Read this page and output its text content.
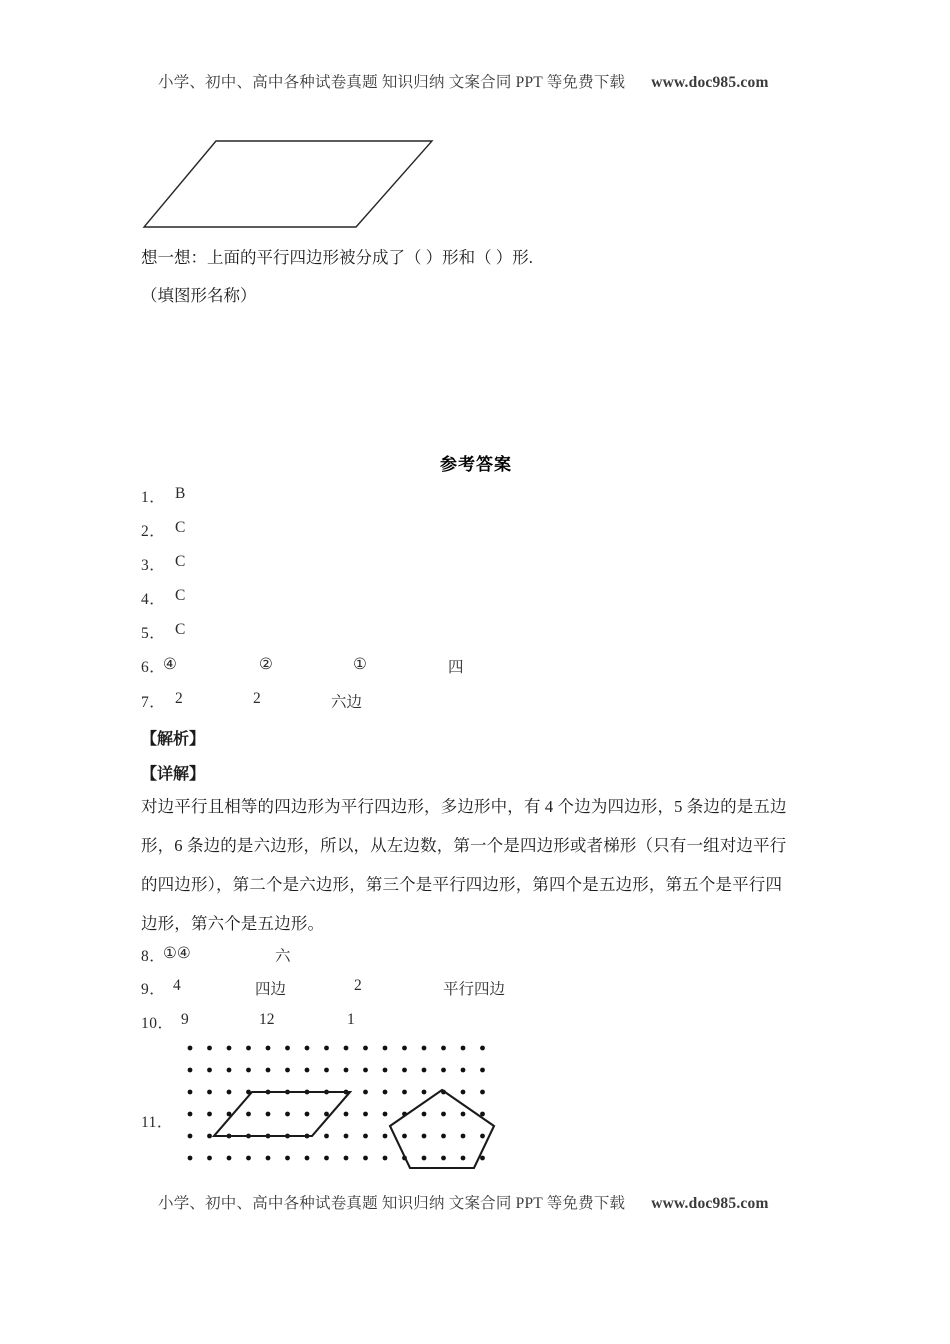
小学、初中、高中各种试卷真题 知识归纳 文案合同 PPT 等免费下载 www.doc985.com
想一想：上面的平行四边形被分成了（ ）形和（ ）形.
（填图形名称）
参考答案
1． B
2． C
3． C
4． C
5． C
6．
④	②	①	四
7． 2	2	六边
【解析】
【详解】
对边平行且相等的四边形为平行四边形，多边形中，有 4 个边为四边形，5 条边的是五边
形，6 条边的是六边形，所以，从左边数，第一个是四边形或者梯形（只有一组对边平行
的四边形），第二个是六边形，第三个是平行四边形，第四个是五边形，第五个是平行四
边形，第六个是五边形。
8．
①④	六
9． 4	四边	2	平行四边
10． 9	12	1
11．
小学、初中、高中各种试卷真题 知识归纳 文案合同 PPT 等免费下载 www.doc985.com
